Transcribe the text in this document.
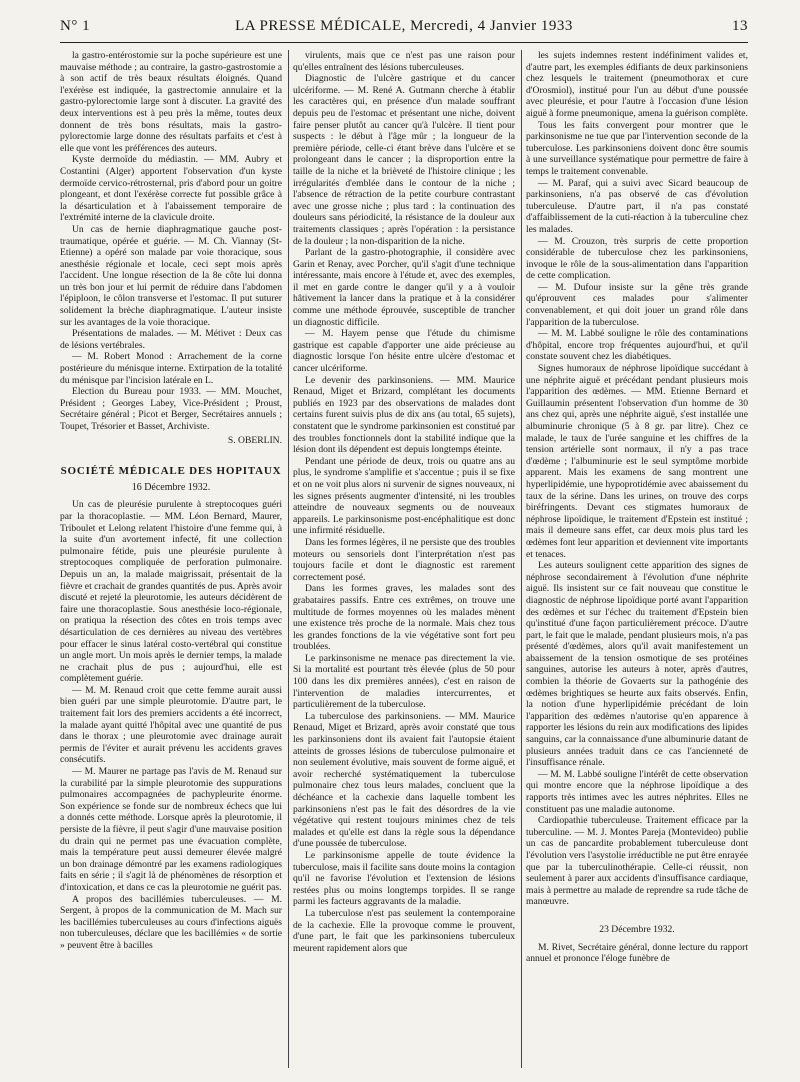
N° 1	LA PRESSE MÉDICALE, Mercredi, 4 Janvier 1933	13

la gastro-entérostomie sur la poche supérieure est une mauvaise méthode ; au contraire, la gastro-gastrostomie a à son actif de très beaux résultats éloignés. Quand l'exérèse est indiquée, la gastrectomie annulaire et la gastro-pylorectomie large sont à discuter. La gravité des deux interventions est à peu près la même, toutes deux donnent de très bons résultats, mais la gastro-pylorectomie large donne des résultats parfaits et c'est à elle que vont les préférences des auteurs.

Kyste dermoïde du médiastin. — MM. Aubry et Costantini (Alger) apportent l'observation d'un kyste dermoïde cervico-rétrosternal, pris d'abord pour un goitre plongeant, et dont l'exérèse correcte fut possible grâce à la désarticulation et à l'abaissement temporaire de l'extrémité interne de la clavicule droite.

Un cas de hernie diaphragmatique gauche post-traumatique, opérée et guérie. — M. Ch. Viannay (St-Etienne) a opéré son malade par voie thoracique, sous anesthésie régionale et locale, ceci sept mois après l'accident. Une longue résection de la 8e côte lui donna un très bon jour et lui permit de réduire dans l'abdomen l'épiploon, le côlon transverse et l'estomac. Il put suturer solidement la brèche diaphragmatique. L'auteur insiste sur les avantages de la voie thoracique.

Présentations de malades. — M. Métivet : Deux cas de lésions vertébrales.

— M. Robert Monod : Arrachement de la corne postérieure du ménisque interne. Extirpation de la totalité du ménisque par l'incision latérale en L.

Election du Bureau pour 1933. — MM. Mouchet, Président ; Georges Labey, Vice-Président ; Proust, Secrétaire général ; Picot et Berger, Secrétaires annuels ; Toupet, Trésorier et Basset, Archiviste.

S. OBERLIN.

SOCIÉTÉ MÉDICALE DES HOPITAUX

16 Décembre 1932.

Un cas de pleurésie purulente à streptocoques guéri par la thoracoplastie. — MM. Léon Bernard, Maurer, Triboulet et Lelong relatent l'histoire d'une femme qui, à la suite d'un avortement infecté, fit une collection pulmonaire fétide, puis une pleurésie purulente à streptocoques compliquée de perforation pulmonaire. Depuis un an, la malade maigrissait, présentait de la fièvre et crachait de grandes quantités de pus. Après avoir discuté et rejeté la pleurotomie, les auteurs décidèrent de faire une thoracoplastie. Sous anesthésie loco-régionale, on pratiqua la résection des côtes en trois temps avec désarticulation de ces dernières au niveau des vertèbres pour effacer le sinus latéral costo-vertébral qui constitue un angle mort. Un mois après le dernier temps, la malade ne crachait plus de pus ; aujourd'hui, elle est complètement guérie.

— M. M. Renaud croit que cette femme aurait aussi bien guéri par une simple pleurotomie. D'autre part, le traitement fait lors des premiers accidents a été incorrect, la malade ayant quitté l'hôpital avec une quantité de pus dans le thorax ; une pleurotomie avec drainage aurait permis de l'éviter et aurait prévenu les accidents graves consécutifs.

— M. Maurer ne partage pas l'avis de M. Renaud sur la curabilité par la simple pleurotomie des suppurations pulmonaires accompagnées de pachypleurite énorme. Son expérience se fonde sur de nombreux échecs que lui a donnés cette méthode. Lorsque après la pleurotomie, il persiste de la fièvre, il peut s'agir d'une mauvaise position du drain qui ne permet pas une évacuation complète, mais la température peut aussi demeurer élevée malgré un bon drainage démontré par les examens radiologiques faits en série ; il s'agit là de phénomènes de résorption et d'intoxication, et dans ce cas la pleurotomie ne guérit pas.

A propos des bacillémies tuberculeuses. — M. Sergent, à propos de la communication de M. Mach sur les bacillémies tuberculeuses au cours d'infections aiguës non tuberculeuses, déclare que les bacillémies « de sortie » peuvent être à bacilles

virulents, mais que ce n'est pas une raison pour qu'elles entraînent des lésions tuberculeuses.

Diagnostic de l'ulcère gastrique et du cancer ulcériforme. — M. René A. Gutmann cherche à établir les caractères qui, en présence d'un malade souffrant depuis peu de l'estomac et présentant une niche, doivent faire penser plutôt au cancer qu'à l'ulcère. Il tient pour suspects : le début à l'âge mûr ; la longueur de la première période, celle-ci étant brève dans l'ulcère et se prolongeant dans le cancer ; la disproportion entre la taille de la niche et la brièveté de l'histoire clinique ; les irrégularités d'emblée dans le contour de la niche ; l'absence de rétraction de la petite courbure contrastant avec une grosse niche ; plus tard : la continuation des douleurs sans périodicité, la résistance de la douleur aux traitements classiques ; après l'opération : la persistance de la douleur ; la non-disparition de la niche.

Parlant de la gastro-photographie, il considère avec Garin et Renay, avec Porcher, qu'il s'agit d'une technique intéressante, mais encore à l'étude et, avec des exemples, il met en garde contre le danger qu'il y a à vouloir hâtivement la lancer dans la pratique et à la considérer comme une méthode éprouvée, susceptible de trancher un diagnostic difficile.

— M. Hayem pense que l'étude du chimisme gastrique est capable d'apporter une aide précieuse au diagnostic lorsque l'on hésite entre ulcère d'estomac et cancer ulcériforme.

Le devenir des parkinsoniens. — MM. Maurice Renaud, Miget et Brizard, complétant les documents publiés en 1923 par des observations de malades dont certains furent suivis plus de dix ans (au total, 65 sujets), constatent que le syndrome parkinsonien est constitué par des troubles fonctionnels dont la stabilité indique que la lésion dont ils dépendent est depuis longtemps éteinte.

Pendant une période de deux, trois ou quatre ans au plus, le syndrome s'amplifie et s'accentue ; puis il se fixe et on ne voit plus alors ni survenir de signes nouveaux, ni les signes présents augmenter d'intensité, ni les troubles atteindre de nouveaux segments ou de nouveaux appareils. Le parkinsonisme post-encéphalitique est donc une infirmité résiduelle.

Dans les formes légères, il ne persiste que des troubles moteurs ou sensoriels dont l'interprétation n'est pas toujours facile et dont le diagnostic est rarement correctement posé.

Dans les formes graves, les malades sont des grabataires passifs. Entre ces extrêmes, on trouve une multitude de formes moyennes où les malades mènent une existence très proche de la normale. Mais chez tous les grandes fonctions de la vie végétative sont fort peu troublées.

Le parkinsonisme ne menace pas directement la vie. Si la mortalité est pourtant très élevée (plus de 50 pour 100 dans les dix premières années), c'est en raison de l'intervention de maladies intercurrentes, et particulièrement de la tuberculose.

La tuberculose des parkinsoniens. — MM. Maurice Renaud, Miget et Brizard, après avoir constaté que tous les parkinsoniens dont ils avaient fait l'autopsie étaient atteints de grosses lésions de tuberculose pulmonaire et non seulement évolutive, mais souvent de forme aiguë, et avoir recherché systématiquement la tuberculose pulmonaire chez tous leurs malades, concluent que la déchéance et la cachexie dans laquelle tombent les parkinsoniens n'est pas le fait des désordres de la vie végétative qui restent toujours minimes chez de tels malades et qu'elle est dans la règle sous la dépendance d'une poussée de tuberculose.

Le parkinsonisme appelle de toute évidence la tuberculose, mais il facilite sans doute moins la contagion qu'il ne favorise l'évolution et l'extension de lésions restées plus ou moins longtemps torpides. Il se range parmi les facteurs aggravants de la maladie.

La tuberculose n'est pas seulement la contemporaine de la cachexie. Elle la provoque comme le prouvent, d'une part, le fait que les parkinsoniens tuberculeux meurent rapidement alors que

les sujets indemnes restent indéfiniment valides et, d'autre part, les exemples édifiants de deux parkinsoniens chez lesquels le traitement (pneumothorax et cure d'Orosmiol), institué pour l'un au début d'une poussée avec pleurésie, et pour l'autre à l'occasion d'une lésion aiguë à forme pneumonique, amena la guérison complète.

Tous les faits convergent pour montrer que le parkinsonisme ne tue que par l'intervention seconde de la tuberculose. Les parkinsoniens doivent donc être soumis à une surveillance systématique pour permettre de faire à temps le traitement convenable.

— M. Paraf, qui a suivi avec Sicard beaucoup de parkinsoniens, n'a pas observé de cas d'évolution tuberculeuse. D'autre part, il n'a pas constaté d'affaiblissement de la cuti-réaction à la tuberculine chez les malades.

— M. Crouzon, très surpris de cette proportion considérable de tuberculose chez les parkinsoniens, invoque le rôle de la sous-alimentation dans l'apparition de cette complication.

— M. Dufour insiste sur la gêne très grande qu'éprouvent ces malades pour s'alimenter convenablement, et qui doit jouer un grand rôle dans l'apparition de la tuberculose.

— M. M. Labbé souligne le rôle des contaminations d'hôpital, encore trop fréquentes aujourd'hui, et qu'il constate souvent chez les diabétiques.

Signes humoraux de néphrose lipoïdique succédant à une néphrite aiguë et précédant pendant plusieurs mois l'apparition des œdèmes. — MM. Etienne Bernard et Guillaumin présentent l'observation d'un homme de 30 ans chez qui, après une néphrite aiguë, s'est installée une albuminurie chronique (5 à 8 gr. par litre). Chez ce malade, le taux de l'urée sanguine et les chiffres de la tension artérielle sont normaux, il n'y a pas trace d'œdème ; l'albuminurie est le seul symptôme morbide apparent. Mais les examens de sang montrent une hyperlipidémie, une hypoprotidémie avec abaissement du taux de la sérine. Dans les urines, on trouve des corps biréfringents. Devant ces stigmates humoraux de néphrose lipoïdique, le traitement d'Epstein est institué ; mais il demeure sans effet, car deux mois plus tard les œdèmes font leur apparition et deviennent vite importants et tenaces.

Les auteurs soulignent cette apparition des signes de néphrose secondairement à l'évolution d'une néphrite aiguë. Ils insistent sur ce fait nouveau que constitue le diagnostic de néphrose lipoïdique porté avant l'apparition des œdèmes et sur l'échec du traitement d'Epstein bien qu'institué d'une façon particulièrement précoce. D'autre part, le fait que le malade, pendant plusieurs mois, n'a pas présenté d'œdèmes, alors qu'il avait manifestement un abaissement de la tension osmotique de ses protéines sanguines, autorise les auteurs à noter, après d'autres, combien la théorie de Govaerts sur la pathogénie des œdèmes brightiques se heurte aux faits observés. Enfin, la notion d'une hyperlipidémie précédant de loin l'apparition des œdèmes n'autorise qu'en apparence à rapporter les lésions du rein aux modifications des lipides sanguins, car la connaissance d'une albuminurie datant de plusieurs années traduit dans ce cas l'ancienneté de l'insuffisance rénale.

— M. M. Labbé souligne l'intérêt de cette observation qui montre encore que la néphrose lipoïdique a des rapports très intimes avec les autres néphrites. Elles ne constituent pas une maladie autonome.

Cardiopathie tuberculeuse. Traitement efficace par la tuberculine. — M. J. Montes Pareja (Montevideo) publie un cas de pancardite probablement tuberculeuse dont l'évolution vers l'asystolie irréductible ne put être enrayée que par la tuberculinothérapie. Celle-ci réussit, non seulement à parer aux accidents d'insuffisance cardiaque, mais à permettre au malade de reprendre sa rude tâche de manœuvre.

23 Décembre 1932.

M. Rivet, Secrétaire général, donne lecture du rapport annuel et prononce l'éloge funèbre de
